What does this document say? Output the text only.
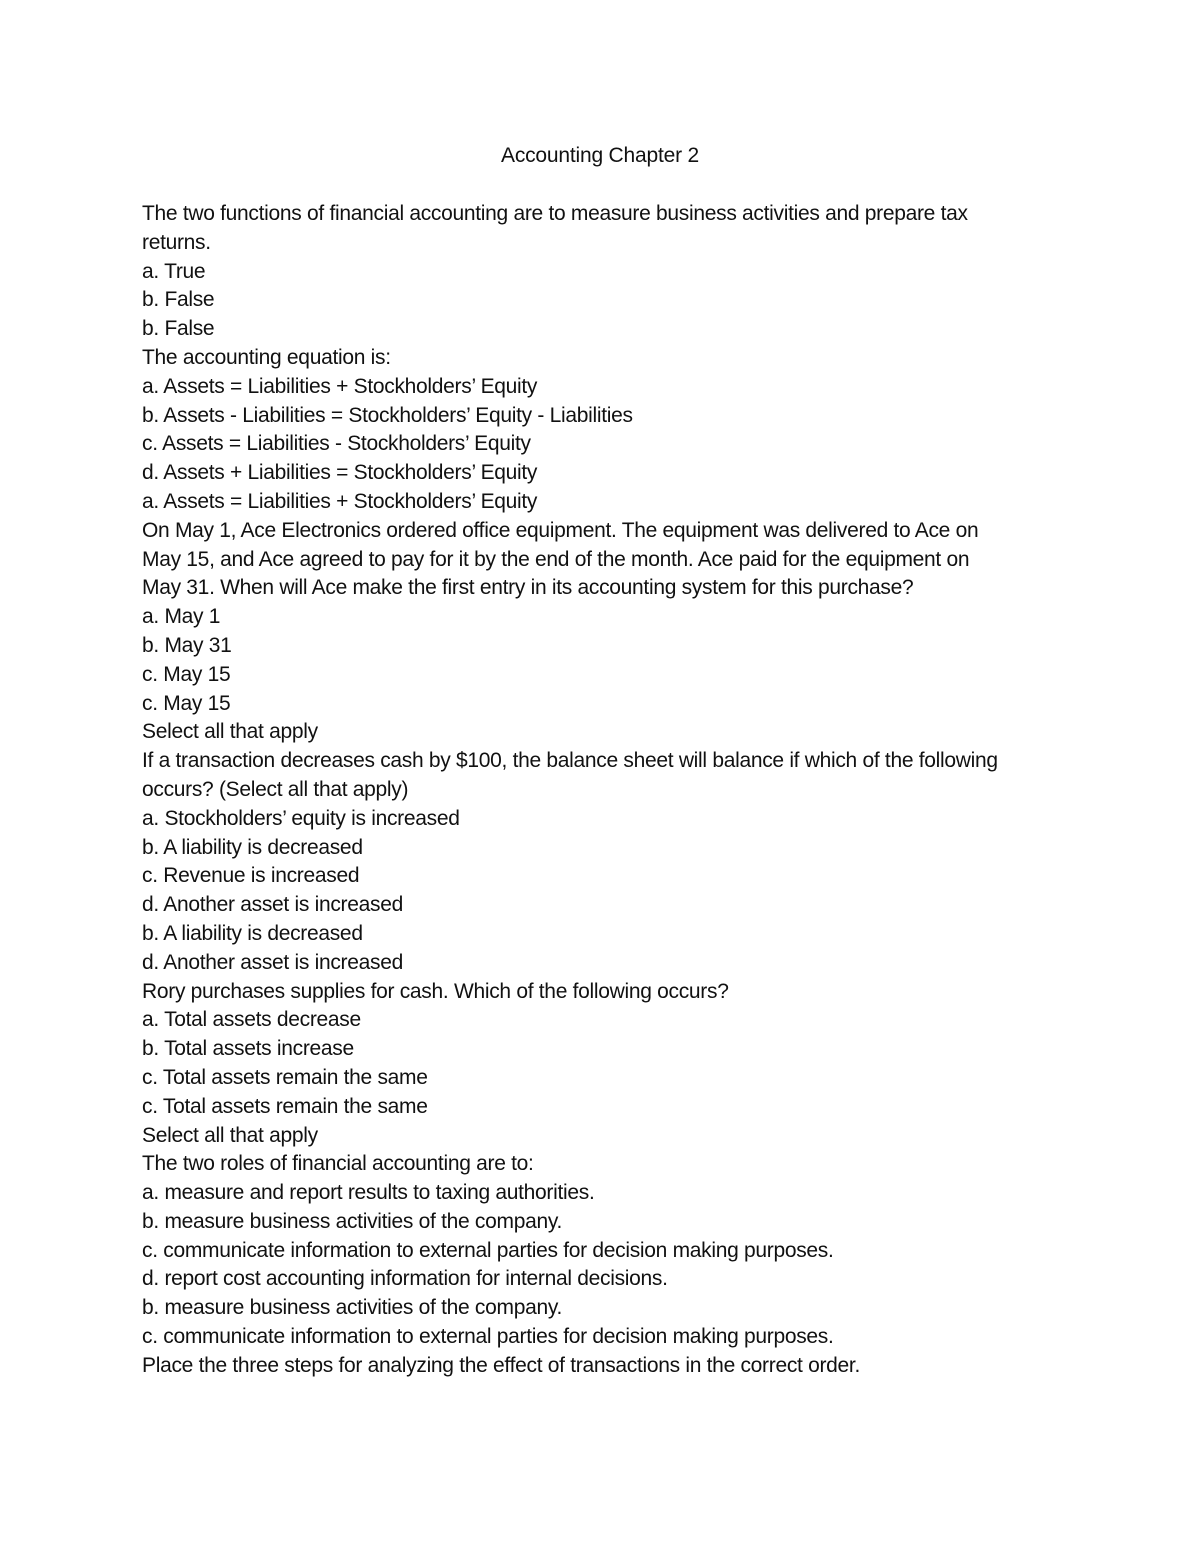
Accounting Chapter 2
The two functions of financial accounting are to measure business activities and prepare tax
returns.
a. True
b. False
b. False
The accounting equation is:
a. Assets = Liabilities + Stockholders’ Equity
b. Assets - Liabilities = Stockholders’ Equity - Liabilities
c. Assets = Liabilities - Stockholders’ Equity
d. Assets + Liabilities = Stockholders’ Equity
a. Assets = Liabilities + Stockholders’ Equity
On May 1, Ace Electronics ordered office equipment. The equipment was delivered to Ace on
May 15, and Ace agreed to pay for it by the end of the month. Ace paid for the equipment on
May 31. When will Ace make the first entry in its accounting system for this purchase?
a. May 1
b. May 31
c. May 15
c. May 15
Select all that apply
If a transaction decreases cash by $100, the balance sheet will balance if which of the following
occurs? (Select all that apply)
a. Stockholders’ equity is increased
b. A liability is decreased
c. Revenue is increased
d. Another asset is increased
b. A liability is decreased
d. Another asset is increased
Rory purchases supplies for cash. Which of the following occurs?
a. Total assets decrease
b. Total assets increase
c. Total assets remain the same
c. Total assets remain the same
Select all that apply
The two roles of financial accounting are to:
a. measure and report results to taxing authorities.
b. measure business activities of the company.
c. communicate information to external parties for decision making purposes.
d. report cost accounting information for internal decisions.
b. measure business activities of the company.
c. communicate information to external parties for decision making purposes.
Place the three steps for analyzing the effect of transactions in the correct order.
